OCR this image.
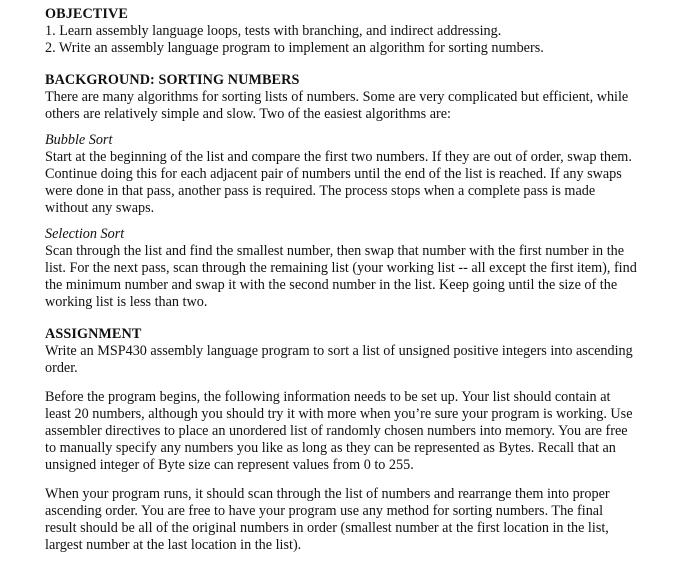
OBJECTIVE

1. Learn assembly language loops, tests with branching, and indirect addressing.

2. Write an assembly language program to implement an algorithm for sorting numbers.

BACKGROUND: SORTING NUMBERS

There are many algorithms for sorting lists of numbers. Some are very complicated but efficient, while

others are relatively simple and slow. Two of the easiest algorithms are:

Bubble Sort

Start at the beginning of the list and compare the first two numbers. If they are out of order, swap them.

Continue doing this for each adjacent pair of numbers until the end of the list is reached. If any swaps

were done in that pass, another pass is required. The process stops when a complete pass is made

without any swaps.

Selection Sort

Scan through the list and find the smallest number, then swap that number with the first number in the

list. For the next pass, scan through the remaining list (your working list -- all except the first item), find

the minimum number and swap it with the second number in the list. Keep going until the size of the

working list is less than two.

ASSIGNMENT

Write an MSP430 assembly language program to sort a list of unsigned positive integers into ascending

order.

Before the program begins, the following information needs to be set up. Your list should contain at

least 20 numbers, although you should try it with more when you’re sure your program is working. Use

assembler directives to place an unordered list of randomly chosen numbers into memory. You are free

to manually specify any numbers you like as long as they can be represented as Bytes. Recall that an

unsigned integer of Byte size can represent values from 0 to 255.

When your program runs, it should scan through the list of numbers and rearrange them into proper

ascending order. You are free to have your program use any method for sorting numbers. The final

result should be all of the original numbers in order (smallest number at the first location in the list,

largest number at the last location in the list).
